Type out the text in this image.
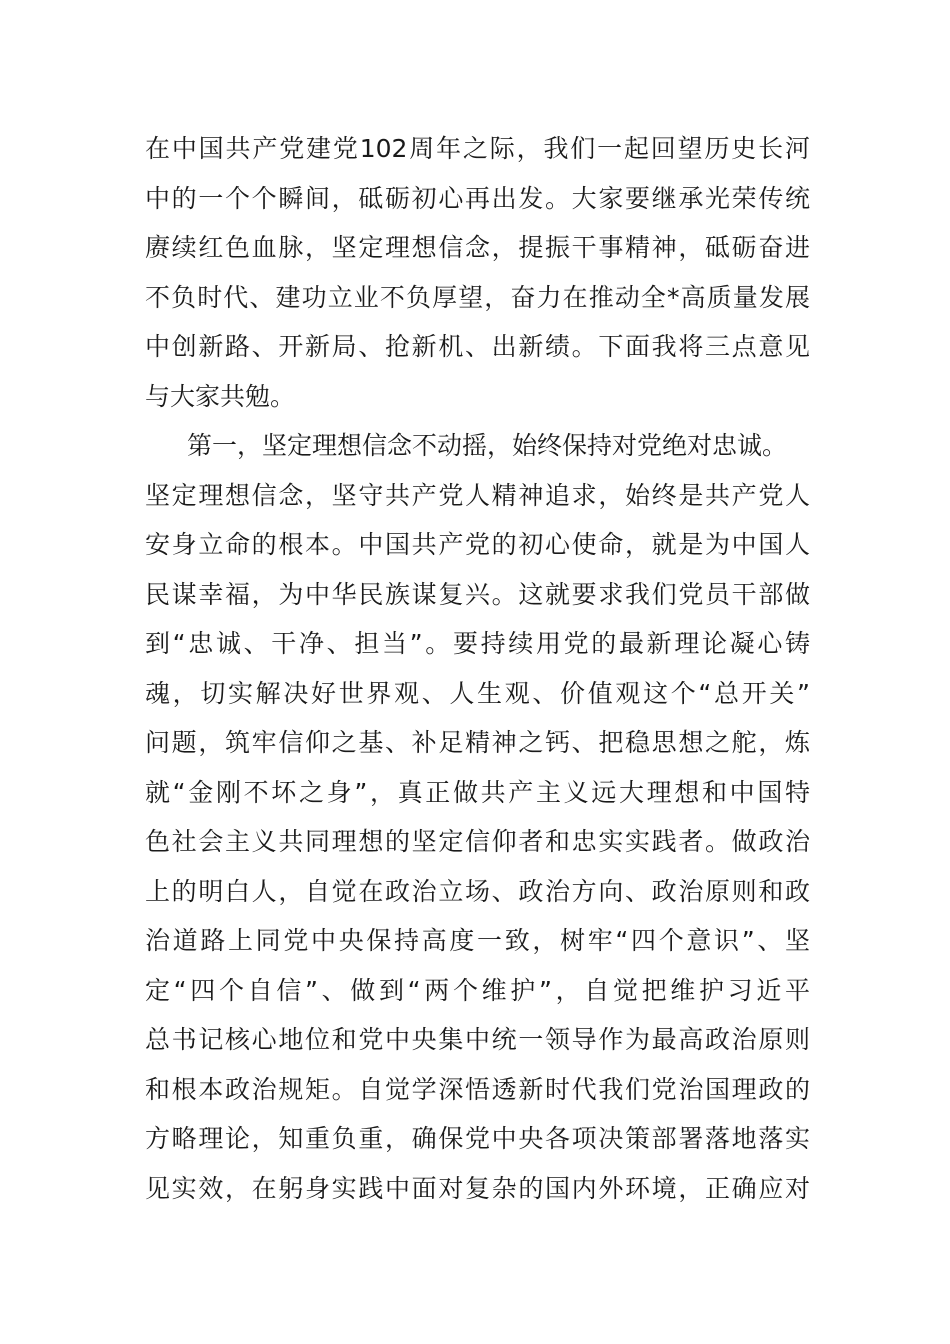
在中国共产党建党102周年之际，我们一起回望历史长河
中的一个个瞬间，砥砺初心再出发。大家要继承光荣传统
赓续红色血脉，坚定理想信念，提振干事精神，砥砺奋进
不负时代、建功立业不负厚望，奋力在推动全*高质量发展
中创新路、开新局、抢新机、出新绩。下面我将三点意见
与大家共勉。
第一，坚定理想信念不动摇，始终保持对党绝对忠诚。
坚定理想信念，坚守共产党人精神追求，始终是共产党人
安身立命的根本。中国共产党的初心使命，就是为中国人
民谋幸福，为中华民族谋复兴。这就要求我们党员干部做
到“忠诚、干净、担当”。要持续用党的最新理论凝心铸
魂，切实解决好世界观、人生观、价值观这个“总开关”
问题，筑牢信仰之基、补足精神之钙、把稳思想之舵，炼
就“金刚不坏之身”，真正做共产主义远大理想和中国特
色社会主义共同理想的坚定信仰者和忠实实践者。做政治
上的明白人，自觉在政治立场、政治方向、政治原则和政
治道路上同党中央保持高度一致，树牢“四个意识”、坚
定“四个自信”、做到“两个维护”，自觉把维护习近平
总书记核心地位和党中央集中统一领导作为最高政治原则
和根本政治规矩。自觉学深悟透新时代我们党治国理政的
方略理论，知重负重，确保党中央各项决策部署落地落实
见实效，在躬身实践中面对复杂的国内外环境，正确应对
